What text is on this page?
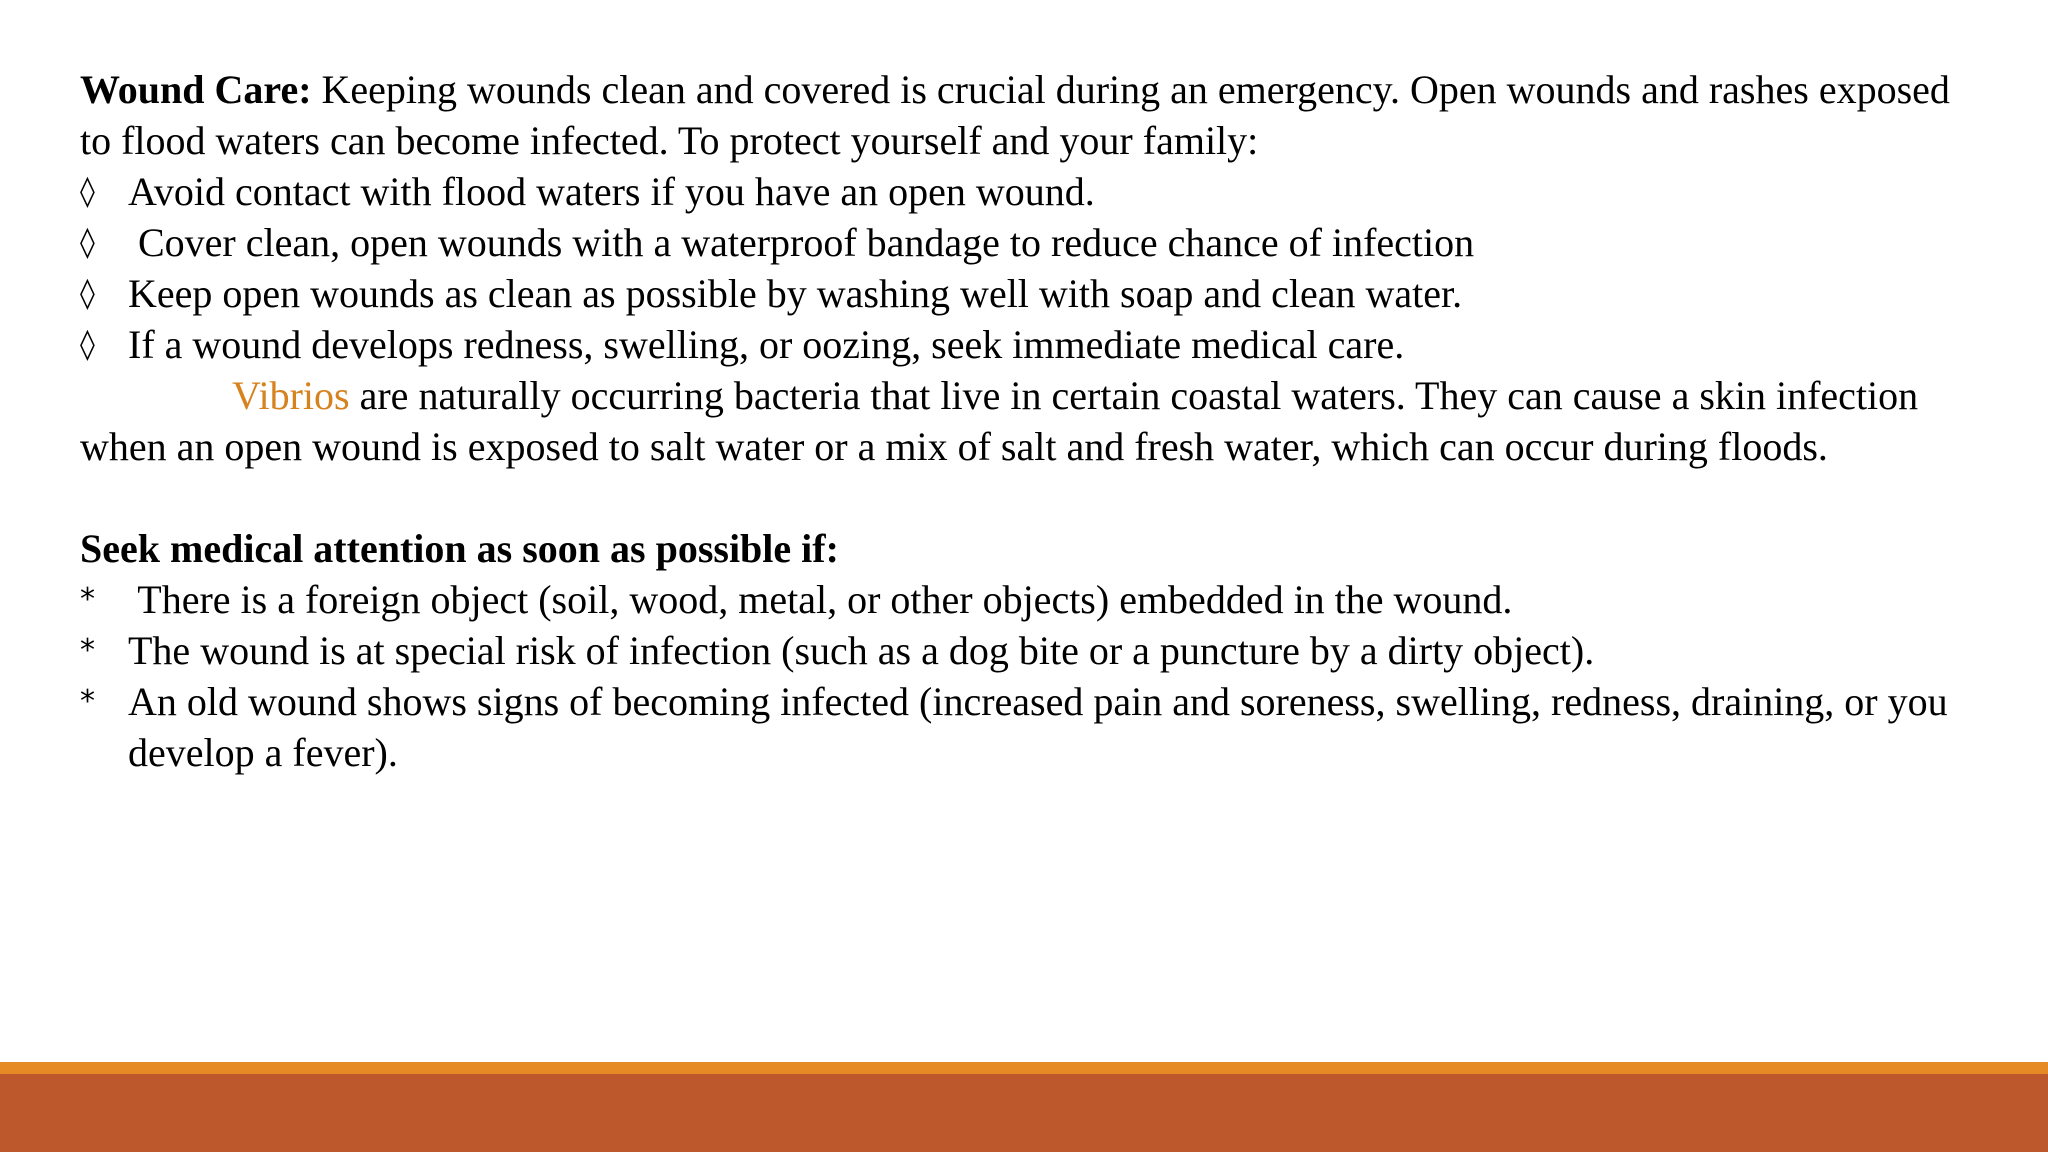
Wound Care: Keeping wounds clean and covered is crucial during an emergency. Open wounds and rashes exposed to flood waters can become infected. To protect yourself and your family:

◊ Avoid contact with flood waters if you have an open wound.
◊ Cover clean, open wounds with a waterproof bandage to reduce chance of infection
◊ Keep open wounds as clean as possible by washing well with soap and clean water.
◊ If a wound develops redness, swelling, or oozing, seek immediate medical care.

Vibrios are naturally occurring bacteria that live in certain coastal waters. They can cause a skin infection when an open wound is exposed to salt water or a mix of salt and fresh water, which can occur during floods.

Seek medical attention as soon as possible if:

* There is a foreign object (soil, wood, metal, or other objects) embedded in the wound.
* The wound is at special risk of infection (such as a dog bite or a puncture by a dirty object).
* An old wound shows signs of becoming infected (increased pain and soreness, swelling, redness, draining, or you develop a fever).
